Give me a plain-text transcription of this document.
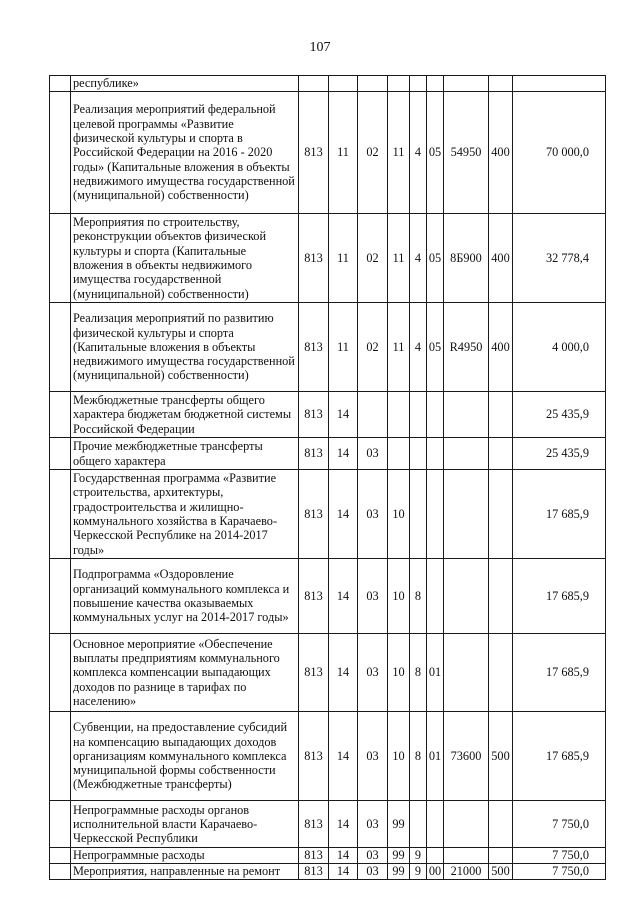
107
	республике»									
	Реализация мероприятий федеральной целевой программы «Развитие физической культуры и спорта в Российской Федерации на 2016 - 2020 годы» (Капитальные вложения в объекты недвижимого имущества государственной (муниципальной) собственности)	813	11	02	11	4	05	54950	400	70 000,0
	Мероприятия по строительству, реконструкции объектов физической культуры и спорта (Капитальные вложения в объекты недвижимого имущества государственной (муниципальной) собственности)	813	11	02	11	4	05	8Б900	400	32 778,4
	Реализация мероприятий по развитию физической культуры и спорта (Капитальные вложения в объекты недвижимого имущества государственной (муниципальной) собственности)	813	11	02	11	4	05	R4950	400	4 000,0
	Межбюджетные трансферты общего характера бюджетам бюджетной системы Российской Федерации	813	14							25 435,9
	Прочие межбюджетные трансферты общего характера	813	14	03						25 435,9
	Государственная программа «Развитие строительства, архитектуры, градостроительства и жилищно-коммунального хозяйства в Карачаево-Черкесской Республике на 2014-2017 годы»	813	14	03	10					17 685,9
	Подпрограмма «Оздоровление организаций коммунального комплекса и повышение качества оказываемых коммунальных услуг на 2014-2017 годы»	813	14	03	10	8				17 685,9
	Основное мероприятие «Обеспечение выплаты предприятиям коммунального комплекса компенсации выпадающих доходов по разнице в тарифах по населению»	813	14	03	10	8	01			17 685,9
	Субвенции, на предоставление субсидий на компенсацию выпадающих доходов организациям коммунального комплекса муниципальной формы собственности (Межбюджетные трансферты)	813	14	03	10	8	01	73600	500	17 685,9
	Непрограммные расходы органов исполнительной власти Карачаево-Черкесской Республики	813	14	03	99					7 750,0
	Непрограммные расходы	813	14	03	99	9				7 750,0
	Мероприятия, направленные на ремонт	813	14	03	99	9	00	21000	500	7 750,0
